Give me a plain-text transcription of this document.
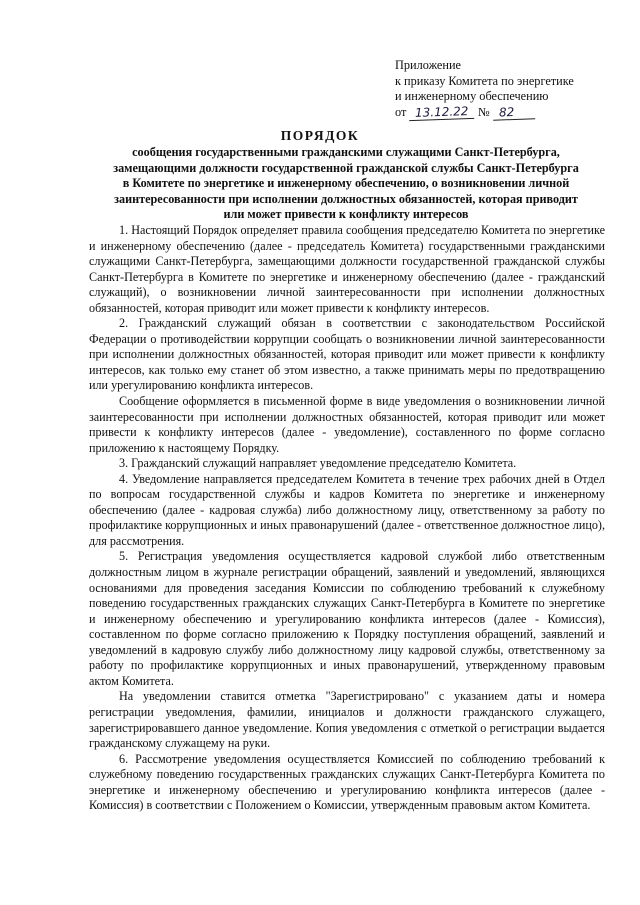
Приложение
к приказу Комитета по энергетике
и инженерному обеспечению
от 13.12.22 № 82
ПОРЯДОК
сообщения государственными гражданскими служащими Санкт-Петербурга,
замещающими должности государственной гражданской службы Санкт-Петербурга
в Комитете по энергетике и инженерному обеспечению, о возникновении личной
заинтересованности при исполнении должностных обязанностей, которая приводит
или может привести к конфликту интересов

1. Настоящий Порядок определяет правила сообщения председателю Комитета по энергетике и инженерному обеспечению (далее - председатель Комитета) государственными гражданскими служащими Санкт-Петербурга, замещающими должности государственной гражданской службы Санкт-Петербурга в Комитете по энергетике и инженерному обеспечению (далее - гражданский служащий), о возникновении личной заинтересованности при исполнении должностных обязанностей, которая приводит или может привести к конфликту интересов.

2. Гражданский служащий обязан в соответствии с законодательством Российской Федерации о противодействии коррупции сообщать о возникновении личной заинтересованности при исполнении должностных обязанностей, которая приводит или может привести к конфликту интересов, как только ему станет об этом известно, а также принимать меры по предотвращению или урегулированию конфликта интересов.

Сообщение оформляется в письменной форме в виде уведомления о возникновении личной заинтересованности при исполнении должностных обязанностей, которая приводит или может привести к конфликту интересов (далее - уведомление), составленного по форме согласно приложению к настоящему Порядку.

3. Гражданский служащий направляет уведомление председателю Комитета.

4. Уведомление направляется председателем Комитета в течение трех рабочих дней в Отдел по вопросам государственной службы и кадров Комитета по энергетике и инженерному обеспечению (далее - кадровая служба) либо должностному лицу, ответственному за работу по профилактике коррупционных и иных правонарушений (далее - ответственное должностное лицо), для рассмотрения.

5. Регистрация уведомления осуществляется кадровой службой либо ответственным должностным лицом в журнале регистрации обращений, заявлений и уведомлений, являющихся основаниями для проведения заседания Комиссии по соблюдению требований к служебному поведению государственных гражданских служащих Санкт-Петербурга в Комитете по энергетике и инженерному обеспечению и урегулированию конфликта интересов (далее - Комиссия), составленном по форме согласно приложению к Порядку поступления обращений, заявлений и уведомлений в кадровую службу либо должностному лицу кадровой службы, ответственному за работу по профилактике коррупционных и иных правонарушений, утвержденному правовым актом Комитета.

На уведомлении ставится отметка "Зарегистрировано" с указанием даты и номера регистрации уведомления, фамилии, инициалов и должности гражданского служащего, зарегистрировавшего данное уведомление. Копия уведомления с отметкой о регистрации выдается гражданскому служащему на руки.

6. Рассмотрение уведомления осуществляется Комиссией по соблюдению требований к служебному поведению государственных гражданских служащих Санкт-Петербурга Комитета по энергетике и инженерному обеспечению и урегулированию конфликта интересов (далее - Комиссия) в соответствии с Положением о Комиссии, утвержденным правовым актом Комитета.
